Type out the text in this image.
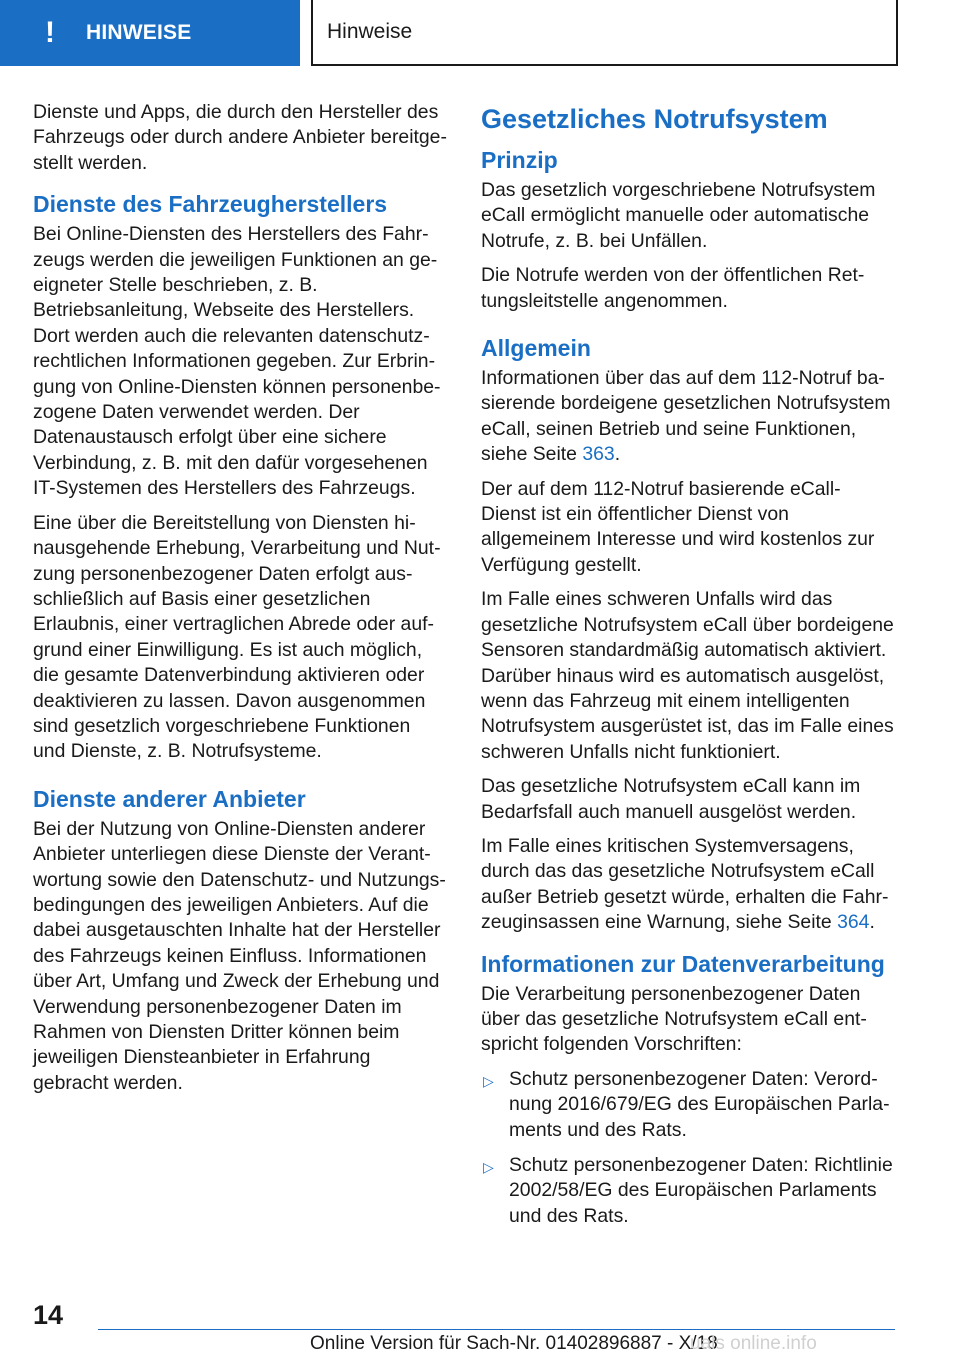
! HINWEISE	Hinweise

Dienste und Apps, die durch den Hersteller des Fahrzeugs oder durch andere Anbieter bereitgestellt werden.

Dienste des Fahrzeugherstellers

Bei Online-Diensten des Herstellers des Fahrzeugs werden die jeweiligen Funktionen an geeigneter Stelle beschrieben, z. B. Betriebsanleitung, Webseite des Herstellers. Dort werden auch die relevanten datenschutzrechtlichen Informationen gegeben. Zur Erbringung von Online-Diensten können personenbezogene Daten verwendet werden. Der Datenaustausch erfolgt über eine sichere Verbindung, z. B. mit den dafür vorgesehenen IT-Systemen des Herstellers des Fahrzeugs.

Eine über die Bereitstellung von Diensten hinausgehende Erhebung, Verarbeitung und Nutzung personenbezogener Daten erfolgt ausschließlich auf Basis einer gesetzlichen Erlaubnis, einer vertraglichen Abrede oder aufgrund einer Einwilligung. Es ist auch möglich, die gesamte Datenverbindung aktivieren oder deaktivieren zu lassen. Davon ausgenommen sind gesetzlich vorgeschriebene Funktionen und Dienste, z. B. Notrufsysteme.

Dienste anderer Anbieter

Bei der Nutzung von Online-Diensten anderer Anbieter unterliegen diese Dienste der Verantwortung sowie den Datenschutz- und Nutzungsbedingungen des jeweiligen Anbieters. Auf die dabei ausgetauschten Inhalte hat der Hersteller des Fahrzeugs keinen Einfluss. Informationen über Art, Umfang und Zweck der Erhebung und Verwendung personenbezogener Daten im Rahmen von Diensten Dritter können beim jeweiligen Diensteanbieter in Erfahrung gebracht werden.

Gesetzliches Notrufsystem
Prinzip

Das gesetzlich vorgeschriebene Notrufsystem eCall ermöglicht manuelle oder automatische Notrufe, z. B. bei Unfällen.

Die Notrufe werden von der öffentlichen Rettungsleitstelle angenommen.

Allgemein

Informationen über das auf dem 112-Notruf basierende bordeigene gesetzlichen Notrufsystem eCall, seinen Betrieb und seine Funktionen, siehe Seite 363.

Der auf dem 112-Notruf basierende eCall-Dienst ist ein öffentlicher Dienst von allgemeinem Interesse und wird kostenlos zur Verfügung gestellt.

Im Falle eines schweren Unfalls wird das gesetzliche Notrufsystem eCall über bordeigene Sensoren standardmäßig automatisch aktiviert. Darüber hinaus wird es automatisch ausgelöst, wenn das Fahrzeug mit einem intelligenten Notrufsystem ausgerüstet ist, das im Falle eines schweren Unfalls nicht funktioniert.

Das gesetzliche Notrufsystem eCall kann im Bedarfsfall auch manuell ausgelöst werden.

Im Falle eines kritischen Systemversagens, durch das das gesetzliche Notrufsystem eCall außer Betrieb gesetzt würde, erhalten die Fahrzeuginsassen eine Warnung, siehe Seite 364.

Informationen zur Datenverarbeitung

Die Verarbeitung personenbezogener Daten über das gesetzliche Notrufsystem eCall entspricht folgenden Vorschriften:

▷ Schutz personenbezogener Daten: Verordnung 2016/679/EG des Europäischen Parlaments und des Rats.

▷ Schutz personenbezogener Daten: Richtlinie 2002/58/EG des Europäischen Parlaments und des Rats.

14
Online Version für Sach-Nr. 01402896887 - X/18
uals online.info
